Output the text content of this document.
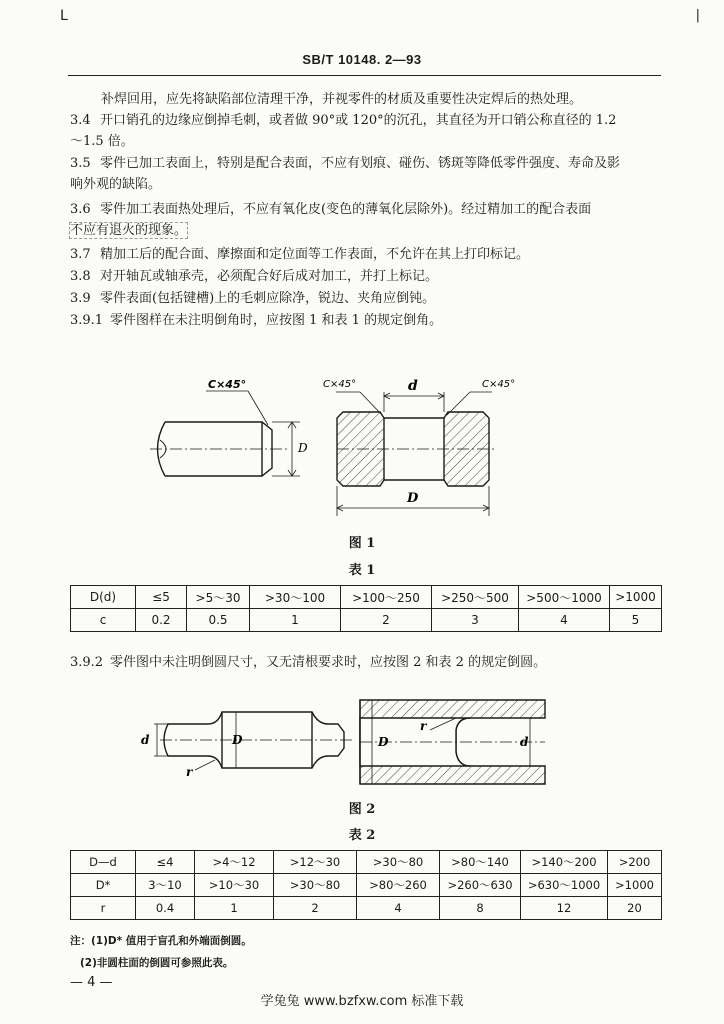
L	|
SB/T 10148. 2—93
补焊回用，应先将缺陷部位清理干净，并视零件的材质及重要性决定焊后的热处理。
3.4 开口销孔的边缘应倒掉毛刺，或者做 90°或 120°的沉孔，其直径为开口销公称直径的 1.2
～1.5 倍。
3.5 零件已加工表面上，特别是配合表面，不应有划痕、碰伤、锈斑等降低零件强度、寿命及影
响外观的缺陷。
3.6 零件加工表面热处理后，不应有氧化皮(变色的薄氧化层除外)。经过精加工的配合表面
不应有退火的现象。
3.7 精加工后的配合面、摩擦面和定位面等工作表面，不允许在其上打印标记。
3.8 对开轴瓦或轴承壳，必须配合好后成对加工，并打上标记。
3.9 零件表面(包括键槽)上的毛刺应除净，锐边、夹角应倒钝。
3.9.1 零件图样在未注明倒角时，应按图 1 和表 1 的规定倒角。
C×45°
D
C×45°	C×45°
d
D
图 1
表 1
D(d)	≤5	>5～30	>30～100	>100～250	>250～500	>500～1000	>1000
c	0.2	0.5	1	2	3	4	5
3.9.2 零件图中未注明倒圆尺寸，又无清根要求时，应按图 2 和表 2 的规定倒圆。
d	D
r
D
r
d
图 2
表 2
D—d	≤4	>4～12	>12～30	>30～80	>80～140	>140～200	>200
D*	3～10	>10～30	>30～80	>80～260	>260～630	>630～1000	>1000
r	0.4	1	2	4	8	12	20
注：(1)D* 值用于盲孔和外端面倒圆。
(2)非圆柱面的倒圆可参照此表。
— 4 —
学兔兔 www.bzfxw.com 标准下载
